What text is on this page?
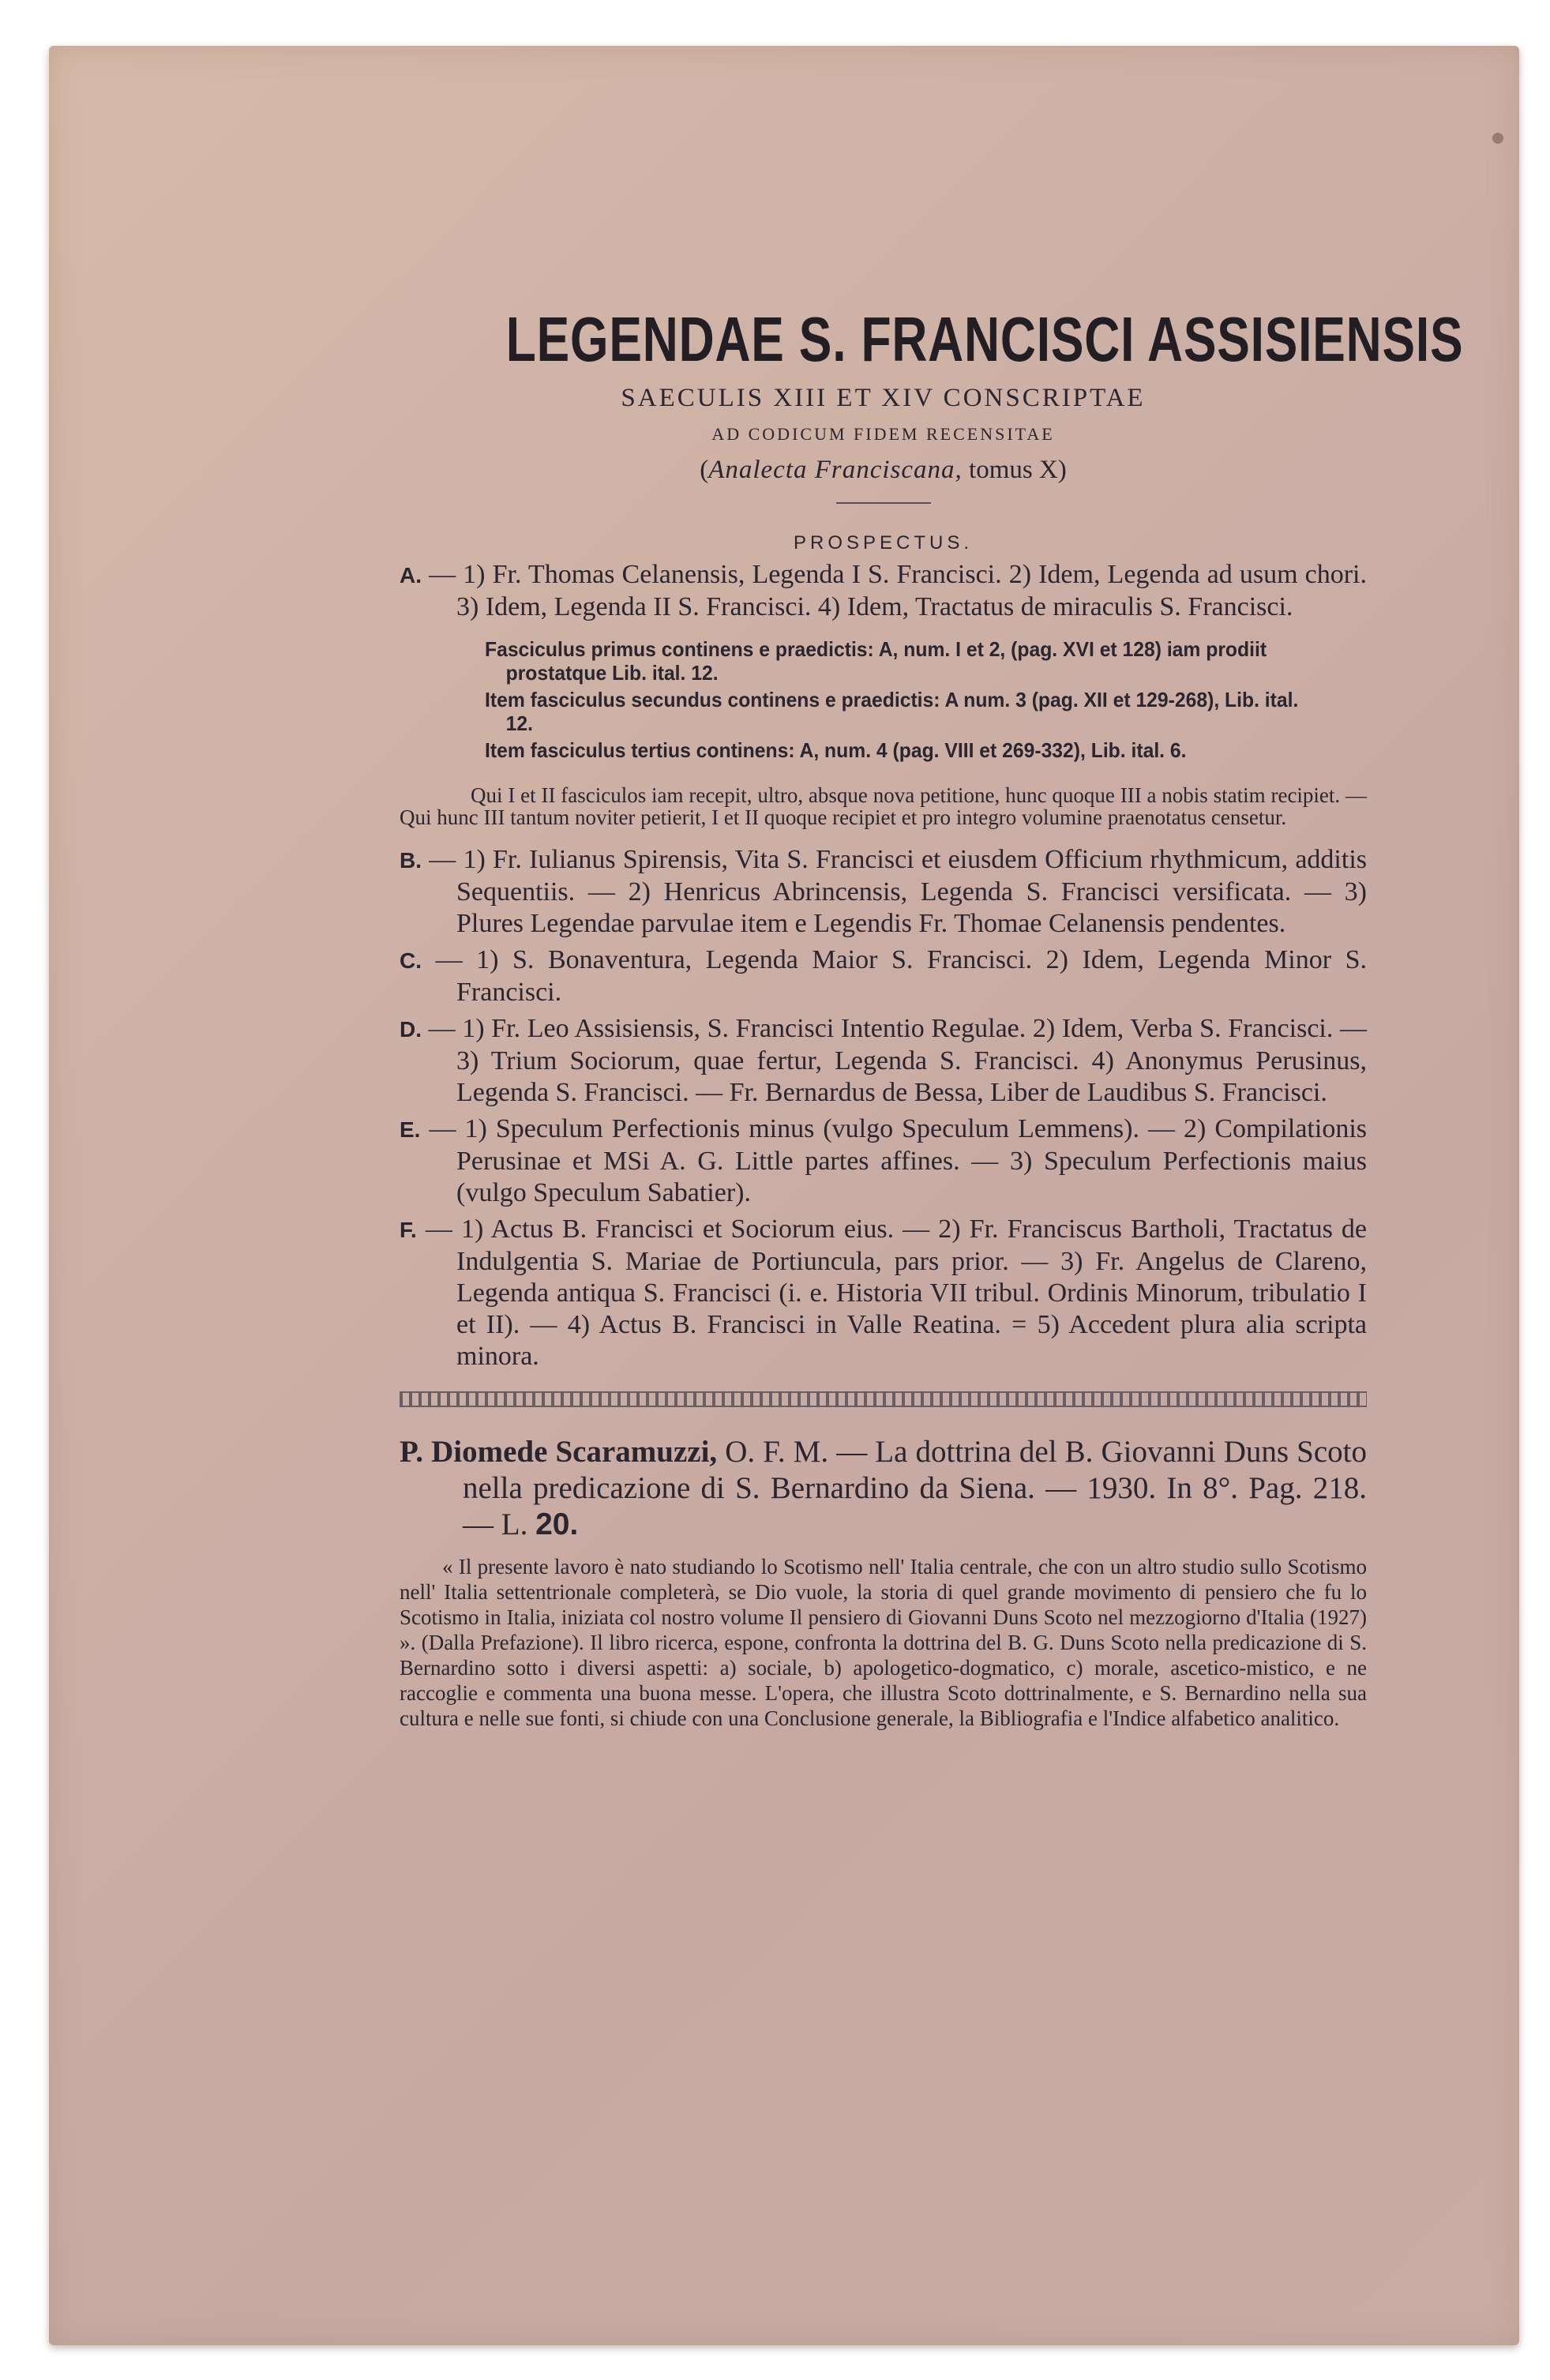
LEGENDAE S. FRANCISCI ASSISIENSIS
SAECULIS XIII ET XIV CONSCRIPTAE
AD CODICUM FIDEM RECENSITAE
(Analecta Franciscana, tomus X)
PROSPECTUS.
A. — 1) Fr. Thomas Celanensis, Legenda I S. Francisci. 2) Idem, Legenda ad usum chori. 3) Idem, Legenda II S. Francisci. 4) Idem, Tractatus de miraculis S. Francisci.
Fasciculus primus continens e praedictis: A, num. I et 2, (pag. XVI et 128) iam prodiit prostatque Lib. ital. 12.
Item fasciculus secundus continens e praedictis: A num. 3 (pag. XII et 129-268), Lib. ital. 12.
Item fasciculus tertius continens: A, num. 4 (pag. VIII et 269-332), Lib. ital. 6.
Qui I et II fasciculos iam recepit, ultro, absque nova petitione, hunc quoque III a nobis statim recipiet. — Qui hunc III tantum noviter petierit, I et II quoque recipiet et pro integro volumine praenotatus censetur.
B. — 1) Fr. Iulianus Spirensis, Vita S. Francisci et eiusdem Officium rhythmicum, additis Sequentiis. — 2) Henricus Abrincensis, Legenda S. Francisci versificata. — 3) Plures Legendae parvulae item e Legendis Fr. Thomae Celanensis pendentes.
C. — 1) S. Bonaventura, Legenda Maior S. Francisci. 2) Idem, Legenda Minor S. Francisci.
D. — 1) Fr. Leo Assisiensis, S. Francisci Intentio Regulae. 2) Idem, Verba S. Francisci. — 3) Trium Sociorum, quae fertur, Legenda S. Francisci. 4) Anonymus Perusinus, Legenda S. Francisci. — Fr. Bernardus de Bessa, Liber de Laudibus S. Francisci.
E. — 1) Speculum Perfectionis minus (vulgo Speculum Lemmens). — 2) Compilationis Perusinae et MSi A. G. Little partes affines. — 3) Speculum Perfectionis maius (vulgo Speculum Sabatier).
F. — 1) Actus B. Francisci et Sociorum eius. — 2) Fr. Franciscus Bartholi, Tractatus de Indulgentia S. Mariae de Portiuncula, pars prior. — 3) Fr. Angelus de Clareno, Legenda antiqua S. Francisci (i. e. Historia VII tribul. Ordinis Minorum, tribulatio I et II). — 4) Actus B. Francisci in Valle Reatina. = 5) Accedent plura alia scripta minora.
P. Diomede Scaramuzzi, O. F. M. — La dottrina del B. Giovanni Duns Scoto nella predicazione di S. Bernardino da Siena. — 1930. In 8°. Pag. 218. — L. 20.
« Il presente lavoro è nato studiando lo Scotismo nell' Italia centrale, che con un altro studio sullo Scotismo nell' Italia settentrionale completerà, se Dio vuole, la storia di quel grande movimento di pensiero che fu lo Scotismo in Italia, iniziata col nostro volume Il pensiero di Giovanni Duns Scoto nel mezzogiorno d'Italia (1927) ». (Dalla Prefazione). Il libro ricerca, espone, confronta la dottrina del B. G. Duns Scoto nella predicazione di S. Bernardino sotto i diversi aspetti: a) sociale, b) apologetico-dogmatico, c) morale, ascetico-mistico, e ne raccoglie e commenta una buona messe. L'opera, che illustra Scoto dottrinalmente, e S. Bernardino nella sua cultura e nelle sue fonti, si chiude con una Conclusione generale, la Bibliografia e l'Indice alfabetico analitico.
